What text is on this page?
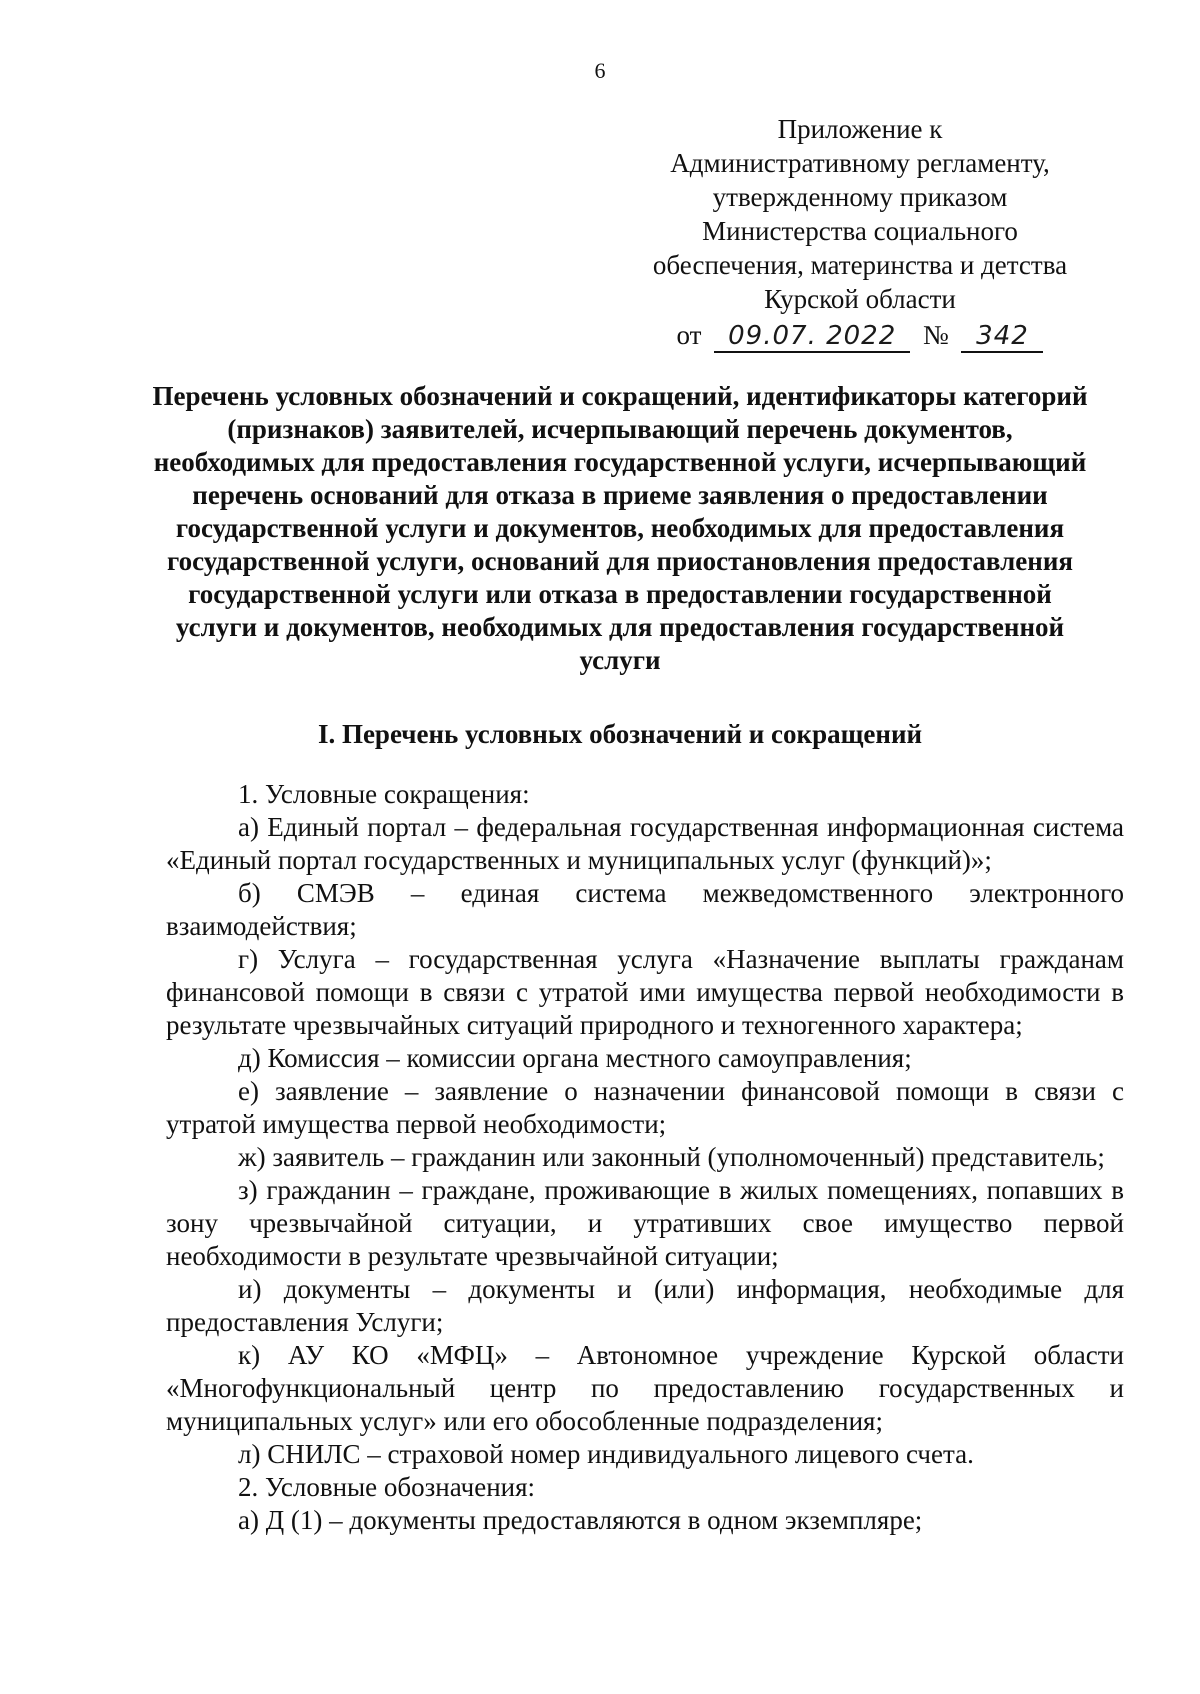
6
Приложение к
Административному регламенту,
утвержденному приказом
Министерства социального
обеспечения, материнства и детства
Курской области
от 09.07. 2022 № 342
Перечень условных обозначений и сокращений, идентификаторы категорий (признаков) заявителей, исчерпывающий перечень документов, необходимых для предоставления государственной услуги, исчерпывающий перечень оснований для отказа в приеме заявления о предоставлении государственной услуги и документов, необходимых для предоставления государственной услуги, оснований для приостановления предоставления государственной услуги или отказа в предоставлении государственной услуги и документов, необходимых для предоставления государственной услуги
I. Перечень условных обозначений и сокращений

1. Условные сокращения:

а) Единый портал – федеральная государственная информационная система «Единый портал государственных и муниципальных услуг (функций)»;

б) СМЭВ – единая система межведомственного электронного взаимодействия;

г) Услуга – государственная услуга «Назначение выплаты гражданам финансовой помощи в связи с утратой ими имущества первой необходимости в результате чрезвычайных ситуаций природного и техногенного характера;

д) Комиссия – комиссии органа местного самоуправления;

е) заявление – заявление о назначении финансовой помощи в связи с утратой имущества первой необходимости;

ж) заявитель – гражданин или законный (уполномоченный) представитель;

з) гражданин – граждане, проживающие в жилых помещениях, попавших в зону чрезвычайной ситуации, и утративших свое имущество первой необходимости в результате чрезвычайной ситуации;

и) документы – документы и (или) информация, необходимые для предоставления Услуги;

к) АУ КО «МФЦ» – Автономное учреждение Курской области «Многофункциональный центр по предоставлению государственных и муниципальных услуг» или его обособленные подразделения;

л) СНИЛС – страховой номер индивидуального лицевого счета.

2. Условные обозначения:

а) Д (1) – документы предоставляются в одном экземпляре;
